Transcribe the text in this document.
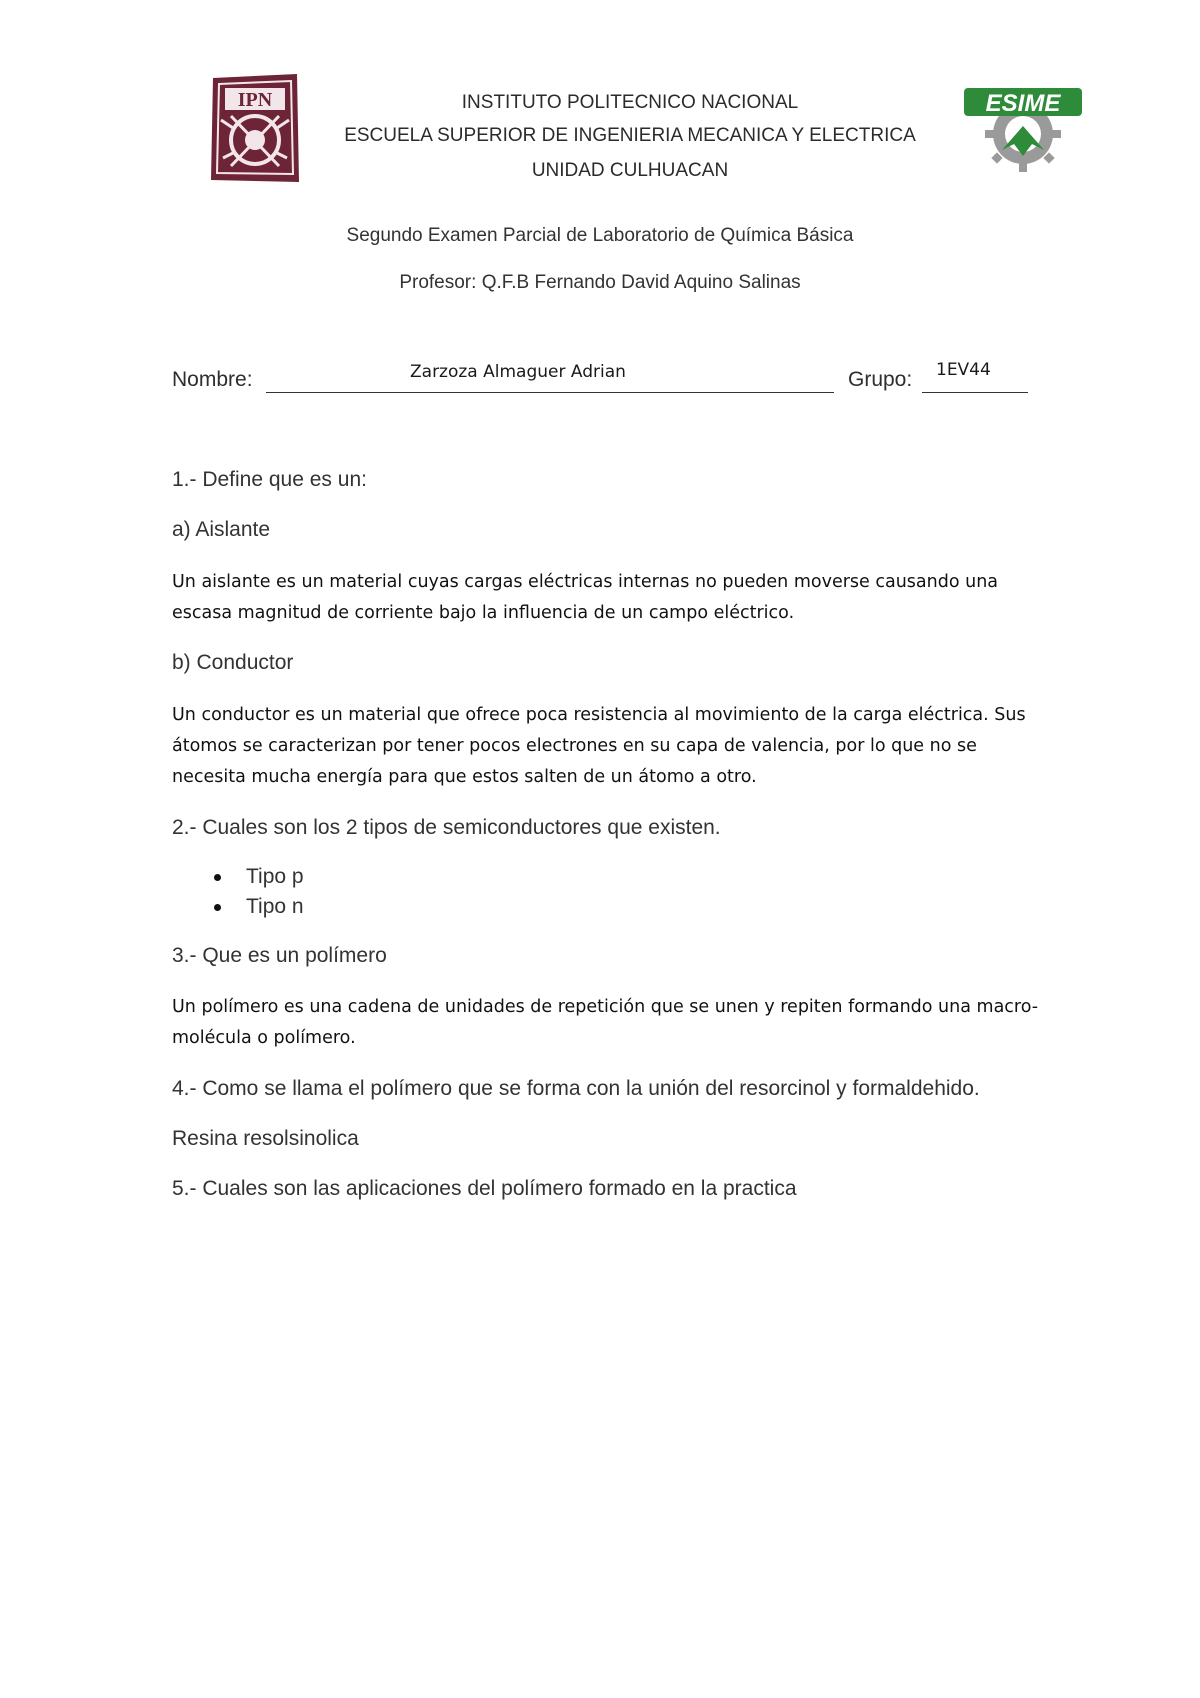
IPN	ESIME
INSTITUTO POLITECNICO NACIONAL
ESCUELA SUPERIOR DE INGENIERIA MECANICA Y ELECTRICA
UNIDAD CULHUACAN
Segundo Examen Parcial de Laboratorio de Química Básica
Profesor: Q.F.B Fernando David Aquino Salinas
Nombre:	Zarzoza Almaguer Adrian	Grupo: 1EV44
1.- Define que es un:
a) Aislante
Un aislante es un material cuyas cargas eléctricas internas no pueden moverse causando una escasa magnitud de corriente bajo la influencia de un campo eléctrico.
b) Conductor
Un conductor es un material que ofrece poca resistencia al movimiento de la carga eléctrica. Sus átomos se caracterizan por tener pocos electrones en su capa de valencia, por lo que no se necesita mucha energía para que estos salten de un átomo a otro.
2.- Cuales son los 2 tipos de semiconductores que existen.
Tipo p
Tipo n
3.- Que es un polímero
Un polímero es una cadena de unidades de repetición que se unen y repiten formando una macro-molécula o polímero.
4.- Como se llama el polímero que se forma con la unión del resorcinol y formaldehido.
Resina resolsinolica
5.- Cuales son las aplicaciones del polímero formado en la practica
